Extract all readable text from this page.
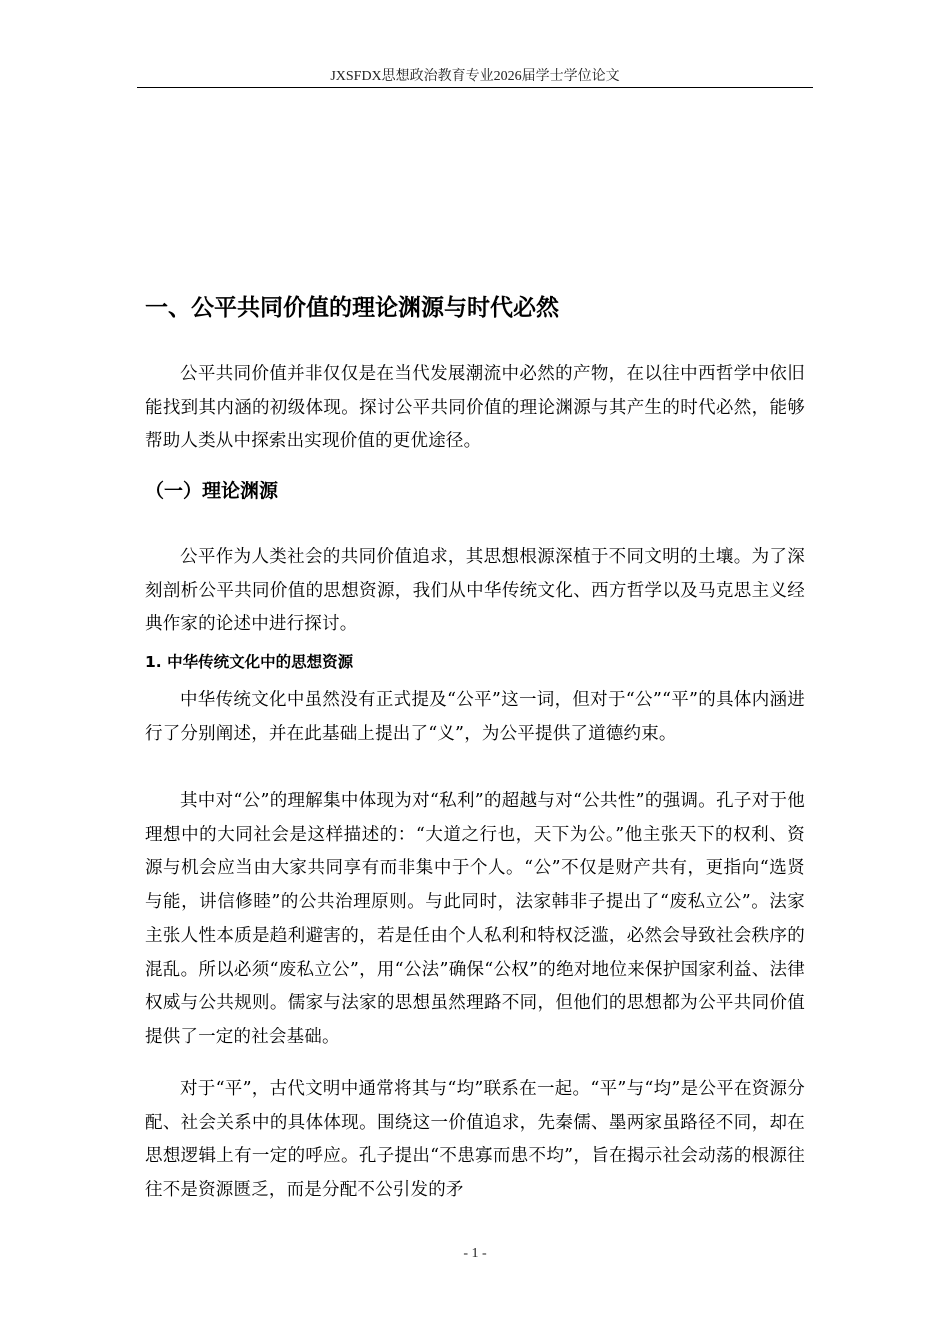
JXSFDX思想政治教育专业2026届学士学位论文
一、公平共同价值的理论渊源与时代必然

公平共同价值并非仅仅是在当代发展潮流中必然的产物，在以往中西哲学中依旧能找到其内涵的初级体现。探讨公平共同价值的理论渊源与其产生的时代必然，能够帮助人类从中探索出实现价值的更优途径。

（一）理论渊源

公平作为人类社会的共同价值追求，其思想根源深植于不同文明的土壤。为了深刻剖析公平共同价值的思想资源，我们从中华传统文化、西方哲学以及马克思主义经典作家的论述中进行探讨。

1. 中华传统文化中的思想资源

中华传统文化中虽然没有正式提及“公平”这一词，但对于“公”“平”的具体内涵进行了分别阐述，并在此基础上提出了“义”，为公平提供了道德约束。

其中对“公”的理解集中体现为对“私利”的超越与对“公共性”的强调。孔子对于他理想中的大同社会是这样描述的：“大道之行也，天下为公。”他主张天下的权利、资源与机会应当由大家共同享有而非集中于个人。“公”不仅是财产共有，更指向“选贤与能，讲信修睦”的公共治理原则。与此同时，法家韩非子提出了“废私立公”。法家主张人性本质是趋利避害的，若是任由个人私利和特权泛滥，必然会导致社会秩序的混乱。所以必须“废私立公”，用“公法”确保“公权”的绝对地位来保护国家利益、法律权威与公共规则。儒家与法家的思想虽然理路不同，但他们的思想都为公平共同价值提供了一定的社会基础。

对于“平”，古代文明中通常将其与“均”联系在一起。“平”与“均”是公平在资源分配、社会关系中的具体体现。围绕这一价值追求，先秦儒、墨两家虽路径不同，却在思想逻辑上有一定的呼应。孔子提出“不患寡而患不均”，旨在揭示社会动荡的根源往往不是资源匮乏，而是分配不公引发的矛

- 1 -
